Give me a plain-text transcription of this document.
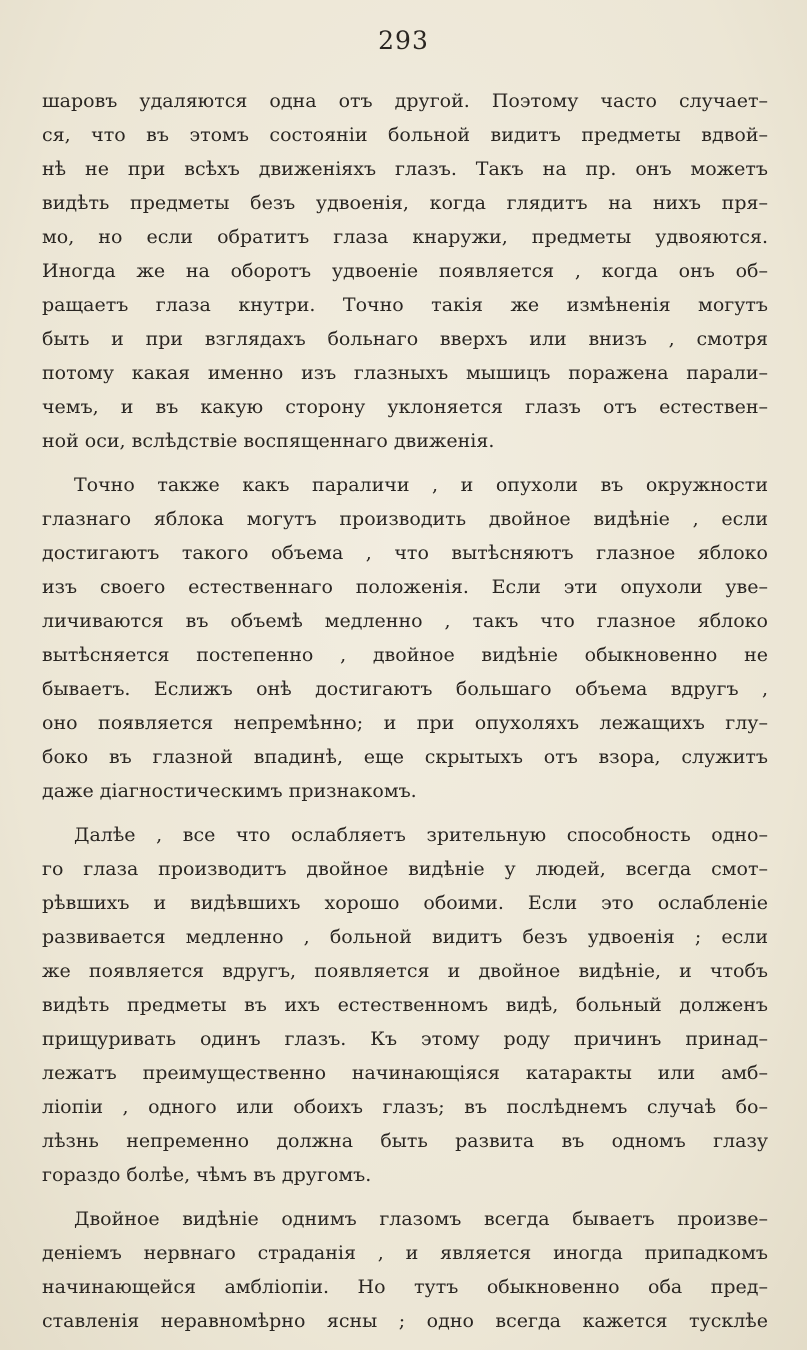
293
шаровъ удаляются одна отъ другой. Поэтому часто случает–
ся, что въ этомъ состоянiи больной видитъ предметы вдвой–
нѣ не при всѣхъ движенiяхъ глазъ. Такъ на пр. онъ можетъ
видѣть предметы безъ удвоенiя, когда глядитъ на нихъ пря–
мо, но если обратитъ глаза кнаружи, предметы удвояются.
Иногда же на оборотъ удвоенiе появляется , когда онъ об–
ращаетъ глаза кнутри. Точно такiя же измѣненiя могутъ
быть и при взглядахъ больнаго вверхъ или внизъ , смотря
потому какая именно изъ глазныхъ мышицъ поражена парали–
чемъ, и въ какую сторону уклоняется глазъ отъ естествен–
ной оси, вслѣдствiе воспященнаго движенiя.
Точно также какъ параличи , и опухоли въ окружности
глазнаго яблока могутъ производить двойное видѣнiе , если
достигаютъ такого объема , что вытѣсняютъ глазное яблоко
изъ своего естественнаго положенiя. Если эти опухоли уве–
личиваются въ объемѣ медленно , такъ что глазное яблоко
вытѣсняется постепенно , двойное видѣнiе обыкновенно не
бываетъ. Еслижъ онѣ достигаютъ большаго объема вдругъ ,
оно появляется непремѣнно; и при опухоляхъ лежащихъ глу–
боко въ глазной впадинѣ, еще скрытыхъ отъ взора, служитъ
даже дiагностическимъ признакомъ.
Далѣе , все что ослабляетъ зрительную способность одно–
го глаза производитъ двойное видѣнiе у людей, всегда смот–
рѣвшихъ и видѣвшихъ хорошо обоими. Если это ослабленiе
развивается медленно , больной видитъ безъ удвоенiя ; если
же появляется вдругъ, появляется и двойное видѣнiе, и чтобъ
видѣть предметы въ ихъ естественномъ видѣ, больный долженъ
прищуривать одинъ глазъ. Къ этому роду причинъ принад–
лежатъ преимущественно начинающiяся катаракты или амб–
лiопiи , одного или обоихъ глазъ; въ послѣднемъ случаѣ бо–
лѣзнь непременно должна быть развита въ одномъ глазу
гораздо болѣе, чѣмъ въ другомъ.
Двойное видѣнiе однимъ глазомъ всегда бываетъ произве–
денiемъ нервнаго страданiя , и является иногда припадкомъ
начинающейся амблiопiи. Но тутъ обыкновенно оба пред–
ставленiя неравномѣрно ясны ; одно всегда кажется тусклѣе
